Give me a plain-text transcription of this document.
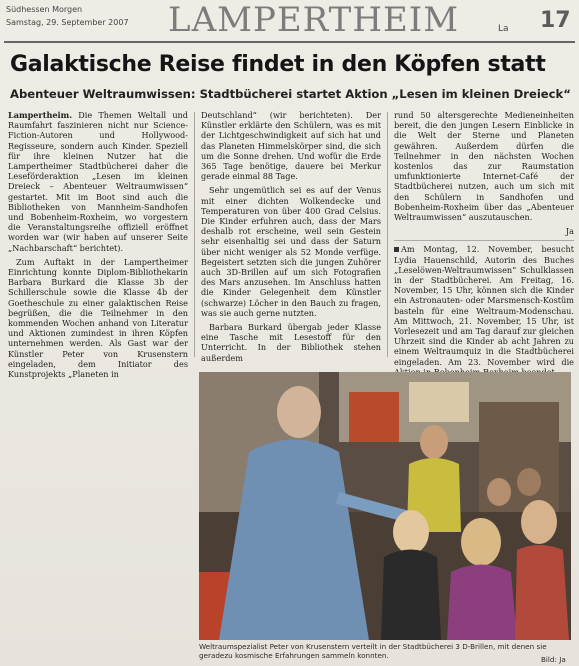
Südhessen Morgen
Samstag, 29. September 2007 LAMPERTHEIM	La 17
Galaktische Reise findet in den Köpfen statt
Abenteuer Weltraumwissen: Stadtbücherei startet Aktion „Lesen im kleinen Dreieck“

Lampertheim. Die Themen Weltall und Raumfahrt faszinieren nicht nur Science-Fiction-Autoren und Hollywood-Regisseure, sondern auch Kinder. Speziell für ihre kleinen Nutzer hat die Lampertheimer Stadtbücherei daher die Leseförderaktion „Lesen im kleinen Dreieck – Abenteuer Weltraumwissen“ gestartet. Mit im Boot sind auch die Bibliotheken von Mannheim-Sandhofen und Bobenheim-Roxheim, wo vorgestern die Veranstaltungsreihe offiziell eröffnet worden war (wir haben auf unserer Seite „Nachbarschaft“ berichtet).

Zum Auftakt in der Lampertheimer Einrichtung konnte Diplom-Bibliothekarin Barbara Burkard die Klasse 3b der Schillerschule sowie die Klasse 4b der Goetheschule zu einer galaktischen Reise begrüßen, die die Teilnehmer in den kommenden Wochen anhand von Literatur und Aktionen zumindest in ihren Köpfen unternehmen werden. Als Gast war der Künstler Peter von Krusenstern eingeladen, dem Initiator des Kunstprojekts „Planeten in

Deutschland“ (wir berichteten). Der Künstler erklärte den Schülern, was es mit der Lichtgeschwindigkeit auf sich hat und das Planeten Himmelskörper sind, die sich um die Sonne drehen. Und wofür die Erde 365 Tage benötige, dauere bei Merkur gerade einmal 88 Tage.

Sehr ungemütlich sei es auf der Venus mit einer dichten Wolkendecke und Temperaturen von über 400 Grad Celsius. Die Kinder erfuhren auch, dass der Mars deshalb rot erscheine, weil sein Gestein sehr eisenhaltig sei und dass der Saturn über nicht weniger als 52 Monde verfüge. Begeistert setzten sich die jungen Zuhörer auch 3D-Brillen auf um sich Fotografien des Mars anzusehen. Im Anschluss hatten die Kinder Gelegenheit dem Künstler (schwarze) Löcher in den Bauch zu fragen, was sie auch gerne nutzten.

Barbara Burkard übergab jeder Klasse eine Tasche mit Lesestoff für den Unterricht. In der Bibliothek stehen außerdem

rund 50 altersgerechte Medieneinheiten bereit, die den jungen Lesern Einblicke in die Welt der Sterne und Planeten gewähren. Außerdem dürfen die Teilnehmer in den nächsten Wochen kostenlos das zur Raumstation umfunktionierte Internet-Café der Stadtbücherei nutzen, auch um sich mit den Schülern in Sandhofen und Bobenheim-Roxheim über das „Abenteuer Weltraumwissen“ auszutauschen.

Ja

Am Montag, 12. November, besucht Lydia Hauenschild, Autorin des Buches „Leselöwen-Weltraumwissen“ Schulklassen in der Stadtbücherei. Am Freitag, 16. November, 15 Uhr, können sich die Kinder ein Astronauten- oder Marsmensch-Kostüm basteln für eine Weltraum-Modenschau. Am Mittwoch, 21. November, 15 Uhr, ist Vorlesezeit und am Tag darauf zur gleichen Uhrzeit sind die Kinder ab acht Jahren zu einem Weltraumquiz in die Stadtbücherei eingeladen. Am 23. November wird die

Weltraumspezialist Peter von Krusenstern verteilt in der Stadtbücherei 3 D-Brillen, mit denen sie geradezu kosmische Erfahrungen sammeln konnten.	Bild: Ja
